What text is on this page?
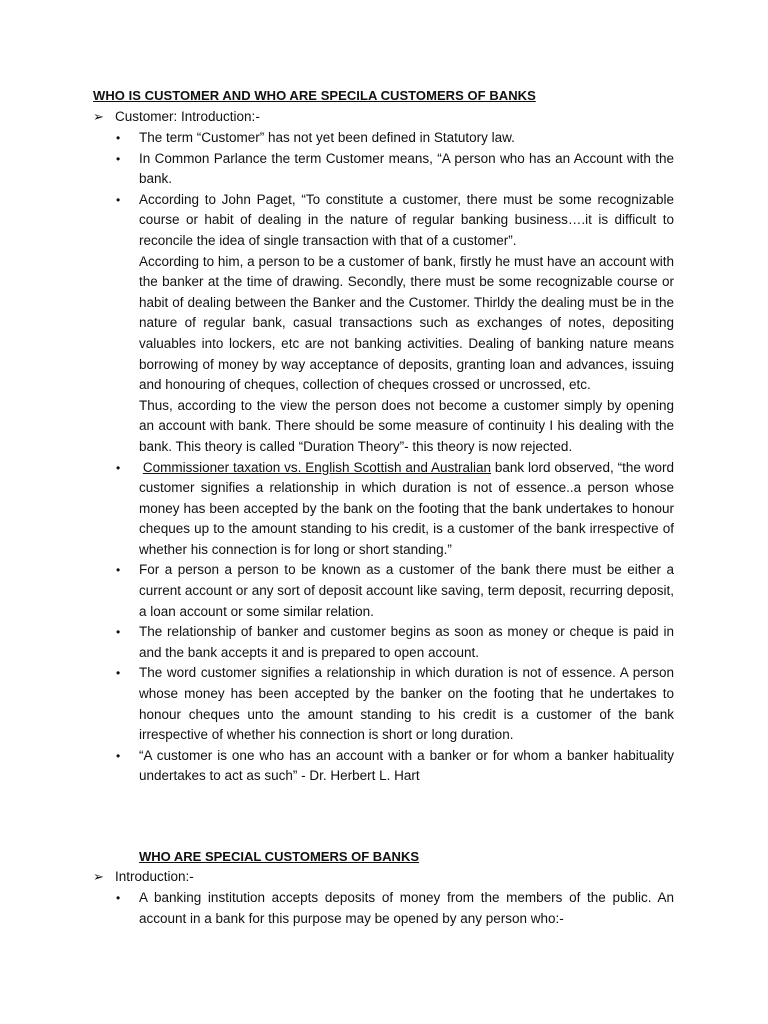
WHO IS CUSTOMER AND WHO ARE SPECILA CUSTOMERS OF BANKS
➢ Customer: Introduction:-
• The term “Customer” has not yet been defined in Statutory law.

• In Common Parlance the term Customer means, “A person who has an Account with the bank.

• According to John Paget, “To constitute a customer, there must be some recognizable course or habit of dealing in the nature of regular banking business….it is difficult to reconcile the idea of single transaction with that of a customer”.

According to him, a person to be a customer of bank, firstly he must have an account with the banker at the time of drawing. Secondly, there must be some recognizable course or habit of dealing between the Banker and the Customer. Thirldy the dealing must be in the nature of regular bank, casual transactions such as exchanges of notes, depositing valuables into lockers, etc are not banking activities. Dealing of banking nature means borrowing of money by way acceptance of deposits, granting loan and advances, issuing and honouring of cheques, collection of cheques crossed or uncrossed, etc.

Thus, according to the view the person does not become a customer simply by opening an account with bank. There should be some measure of continuity I his dealing with the bank. This theory is called “Duration Theory”- this theory is now rejected.

• Commissioner taxation vs. English Scottish and Australian bank lord observed, “the word customer signifies a relationship in which duration is not of essence..a person whose money has been accepted by the bank on the footing that the bank undertakes to honour cheques up to the amount standing to his credit, is a customer of the bank irrespective of whether his connection is for long or short standing.”

• For a person a person to be known as a customer of the bank there must be either a current account or any sort of deposit account like saving, term deposit, recurring deposit, a loan account or some similar relation.

• The relationship of banker and customer begins as soon as money or cheque is paid in and the bank accepts it and is prepared to open account.

• The word customer signifies a relationship in which duration is not of essence. A person whose money has been accepted by the banker on the footing that he undertakes to honour cheques unto the amount standing to his credit is a customer of the bank irrespective of whether his connection is short or long duration.

• “A customer is one who has an account with a banker or for whom a banker habituality undertakes to act as such” - Dr. Herbert L. Hart

WHO ARE SPECIAL CUSTOMERS OF BANKS
➢ Introduction:-
• A banking institution accepts deposits of money from the members of the public. An account in a bank for this purpose may be opened by any person who:-
